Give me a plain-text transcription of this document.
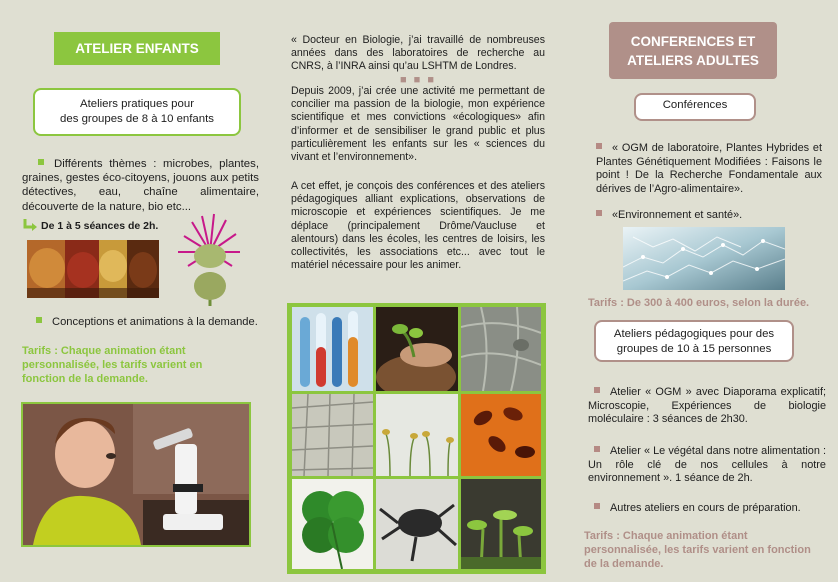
ATELIER ENFANTS
Ateliers pratiques pour
des groupes de 8 à 10 enfants
Différents thèmes : microbes, plantes, graines, gestes éco-citoyens, jouons aux petits détectives, eau, chaîne alimentaire, découverte de la nature, bio etc...
De 1 à 5 séances de 2h.
Conceptions et animations à la demande.
Tarifs : Chaque animation étant personnalisée, les tarifs varient en fonction de la demande.
« Docteur en Biologie, j’ai travaillé de nombreuses années dans des laboratoires de recherche au CNRS, à l’INRA ainsi qu’au LSHTM de Londres.
■ ■ ■
Depuis 2009, j’ai crée une activité me permettant de concilier ma passion de la biologie, mon expérience scientifique et mes convictions «écologiques» afin d’informer et de sensibiliser le grand public et plus particulièrement les enfants sur les « sciences du vivant et l’environnement».
A cet effet, je conçois des conférences et des ateliers pédagogiques alliant explications, observations de microscopie et expériences scientifiques. Je me déplace (principalement Drôme/Vaucluse et alentours) dans les écoles, les centres de loisirs, les collectivités, les associations etc... avec tout le matériel nécessaire pour les animer.
CONFERENCES ET
ATELIERS ADULTES
Conférences
« OGM de laboratoire, Plantes Hybrides et Plantes Génétiquement Modifiées : Faisons le point ! De la Recherche Fondamentale aux dérives de l’Agro-alimentaire».
«Environnement et santé».
Tarifs : De 300 à 400 euros, selon la durée.
Ateliers pédagogiques pour des
groupes de 10 à 15 personnes
Atelier « OGM » avec Diaporama explicatif; Microscopie, Expériences de biologie moléculaire : 3 séances de 2h30.
Atelier « Le végétal dans notre alimentation : Un rôle clé de nos cellules à notre environnement ». 1 séance de 2h.
Autres ateliers en cours de préparation.
Tarifs : Chaque animation étant personnalisée, les tarifs varient en fonction de la demande.
